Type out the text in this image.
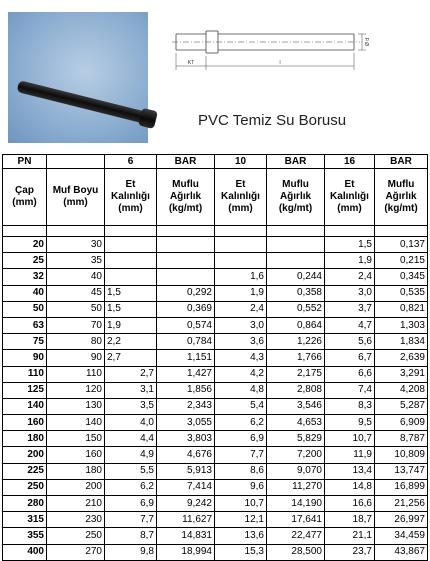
KT	l
Ø d
PVC Temiz Su Borusu
PN		6	BAR	10	BAR	16	BAR
Çap (mm)	Muf Boyu (mm)	Et Kalınlığı (mm)	Muflu Ağırlık (kg/mt)	Et Kalınlığı (mm)	Muflu Ağırlık (kg/mt)	Et Kalınlığı (mm)	Muflu Ağırlık (kg/mt)

20	30					1,5	0,137
25	35					1,9	0,215
32	40			1,6	0,244	2,4	0,345
40	45	1,5	0,292	1,9	0,358	3,0	0,535
50	50	1,5	0,369	2,4	0,552	3,7	0,821
63	70	1,9	0,574	3,0	0,864	4,7	1,303
75	80	2,2	0,784	3,6	1,226	5,6	1,834
90	90	2,7	1,151	4,3	1,766	6,7	2,639
110	110	2,7	1,427	4,2	2,175	6,6	3,291
125	120	3,1	1,856	4,8	2,808	7,4	4,208
140	130	3,5	2,343	5,4	3,546	8,3	5,287
160	140	4,0	3,055	6,2	4,653	9,5	6,909
180	150	4,4	3,803	6,9	5,829	10,7	8,787
200	160	4,9	4,676	7,7	7,200	11,9	10,809
225	180	5,5	5,913	8,6	9,070	13,4	13,747
250	200	6,2	7,414	9,6	11,270	14,8	16,899
280	210	6,9	9,242	10,7	14,190	16,6	21,256
315	230	7,7	11,627	12,1	17,641	18,7	26,997
355	250	8,7	14,831	13,6	22,477	21,1	34,459
400	270	9,8	18,994	15,3	28,500	23,7	43,867
